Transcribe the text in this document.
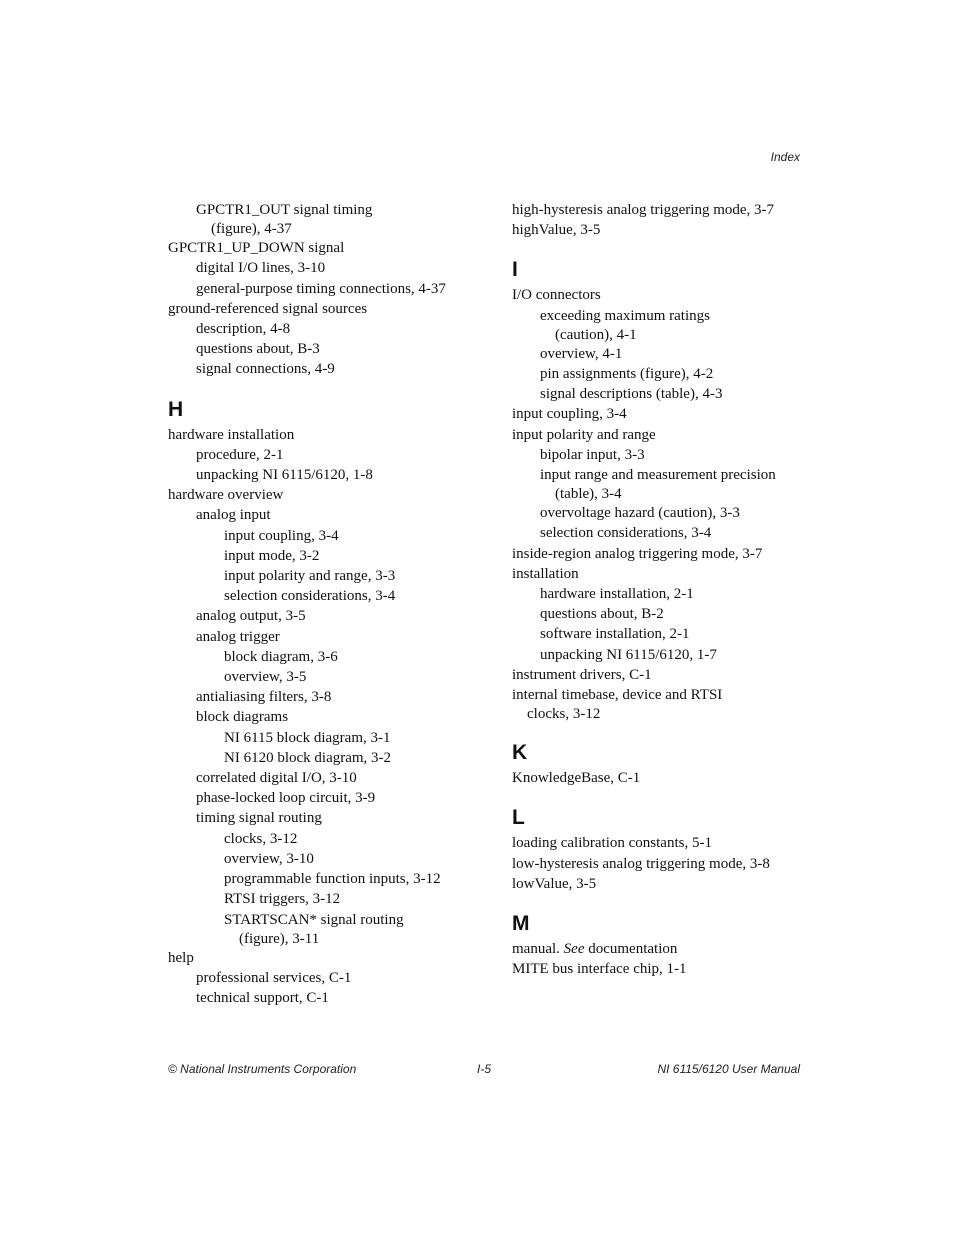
Index
GPCTR1_OUT signal timing
(figure), 4-37
GPCTR1_UP_DOWN signal
digital I/O lines, 3-10
general-purpose timing connections, 4-37
ground-referenced signal sources
description, 4-8
questions about, B-3
signal connections, 4-9
H
hardware installation
procedure, 2-1
unpacking NI 6115/6120, 1-8
hardware overview
analog input
input coupling, 3-4
input mode, 3-2
input polarity and range, 3-3
selection considerations, 3-4
analog output, 3-5
analog trigger
block diagram, 3-6
overview, 3-5
antialiasing filters, 3-8
block diagrams
NI 6115 block diagram, 3-1
NI 6120 block diagram, 3-2
correlated digital I/O, 3-10
phase-locked loop circuit, 3-9
timing signal routing
clocks, 3-12
overview, 3-10
programmable function inputs, 3-12
RTSI triggers, 3-12
STARTSCAN* signal routing
(figure), 3-11
help
professional services, C-1
technical support, C-1
high-hysteresis analog triggering mode, 3-7
highValue, 3-5
I
I/O connectors
exceeding maximum ratings
(caution), 4-1
overview, 4-1
pin assignments (figure), 4-2
signal descriptions (table), 4-3
input coupling, 3-4
input polarity and range
bipolar input, 3-3
input range and measurement precision
(table), 3-4
overvoltage hazard (caution), 3-3
selection considerations, 3-4
inside-region analog triggering mode, 3-7
installation
hardware installation, 2-1
questions about, B-2
software installation, 2-1
unpacking NI 6115/6120, 1-7
instrument drivers, C-1
internal timebase, device and RTSI
clocks, 3-12
K
KnowledgeBase, C-1
L
loading calibration constants, 5-1
low-hysteresis analog triggering mode, 3-8
lowValue, 3-5
M
manual. See documentation
MITE bus interface chip, 1-1
© National Instruments Corporation	I-5	NI 6115/6120 User Manual
